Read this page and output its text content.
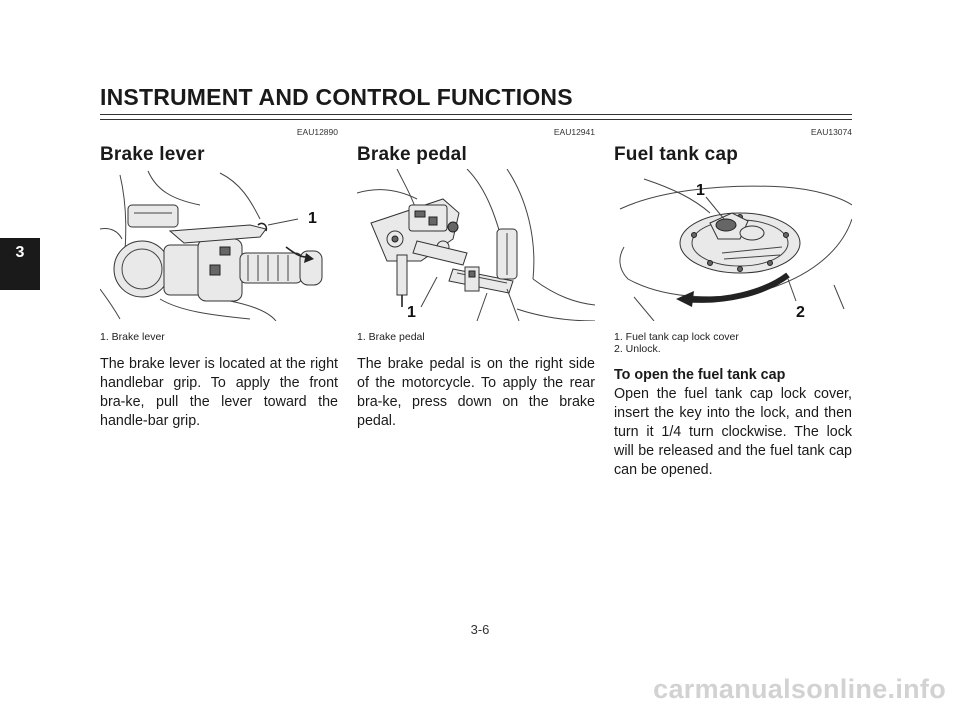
INSTRUMENT AND CONTROL FUNCTIONS
3
EAU12890
Brake lever
1
1. Brake lever
The brake lever is located at the right handlebar grip. To apply the front bra-ke, pull the lever toward the handle-bar grip.
EAU12941
Brake pedal
1
1. Brake pedal
The brake pedal is on the right side of the motorcycle. To apply the rear bra-ke, press down on the brake pedal.
EAU13074
Fuel tank cap
1
2
1. Fuel tank cap lock cover
2. Unlock.
To open the fuel tank cap
Open the fuel tank cap lock cover, insert the key into the lock, and then turn it 1/4 turn clockwise. The lock will be released and the fuel tank cap can be opened.
3-6
carmanualsonline.info
